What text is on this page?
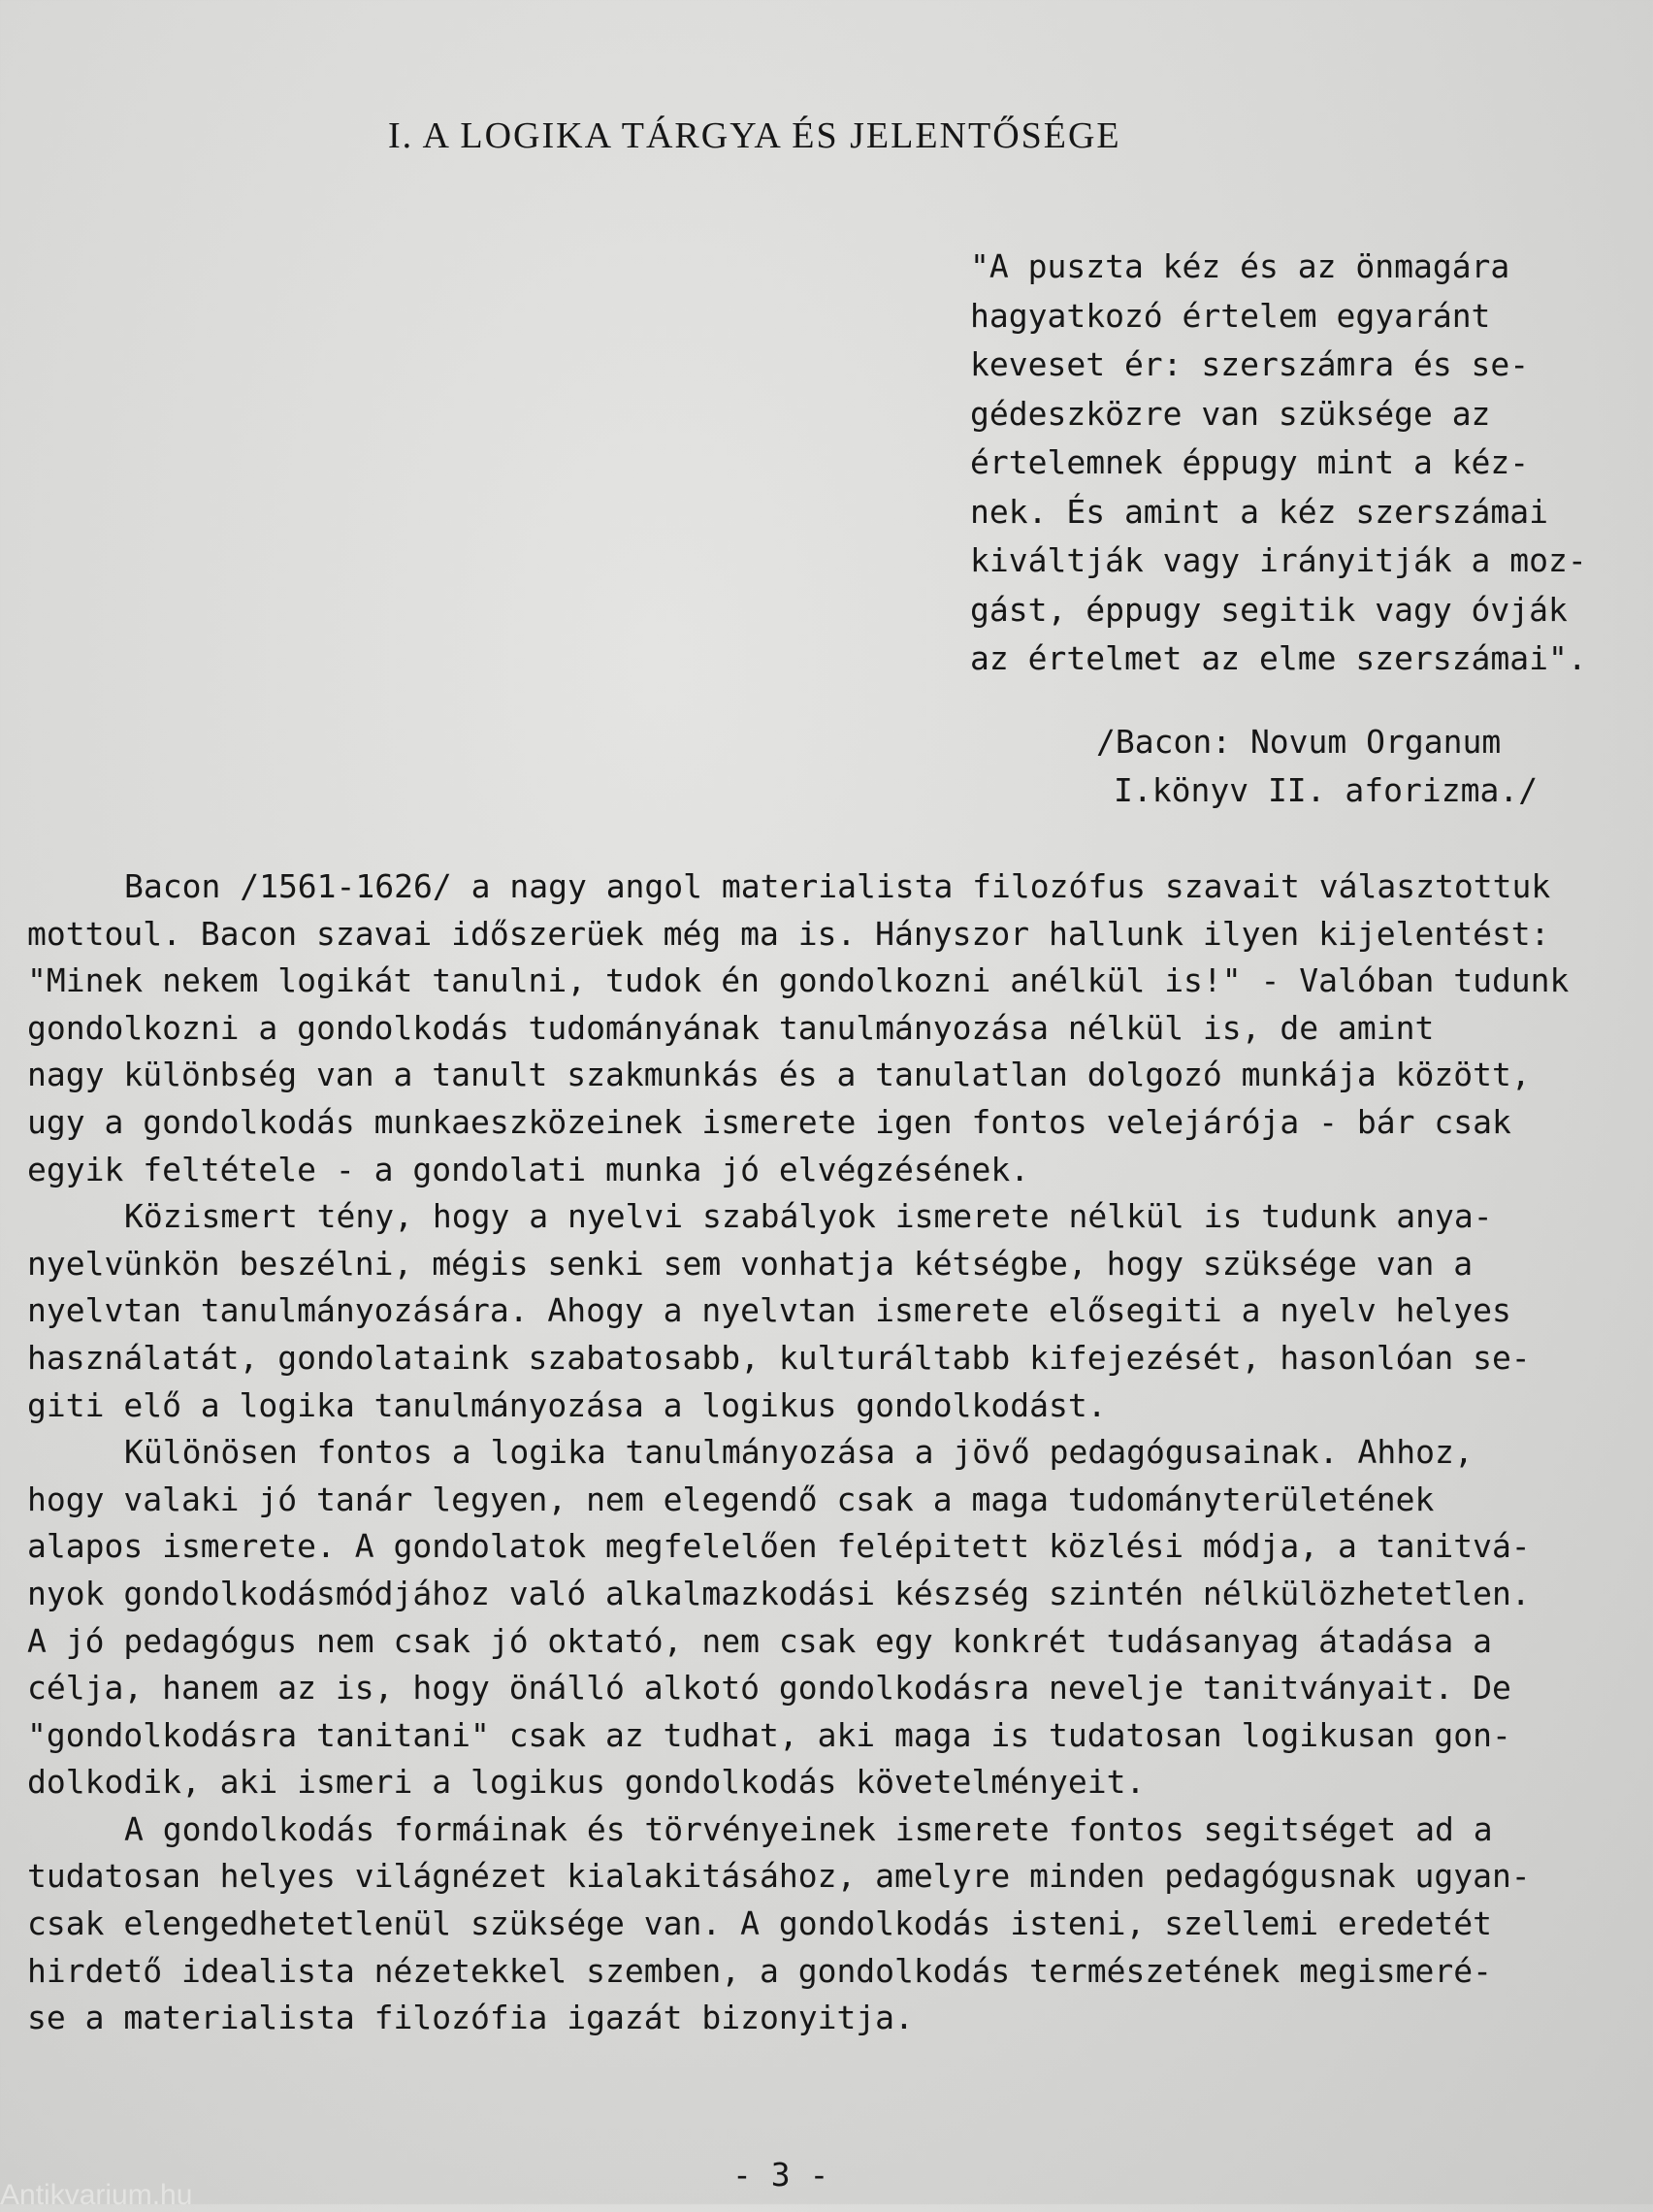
I. A LOGIKA TÁRGYA ÉS JELENTŐSÉGE
"A puszta kéz és az önmagára
hagyatkozó értelem egyaránt
keveset ér: szerszámra és se-
gédeszközre van szüksége az
értelemnek éppugy mint a kéz-
nek. És amint a kéz szerszámai
kiváltják vagy irányitják a moz-
gást, éppugy segitik vagy óvják
az értelmet az elme szerszámai".
/Bacon: Novum Organum
I.könyv II. aforizma./
Bacon /1561-1626/ a nagy angol materialista filozófus szavait választottuk
mottoul. Bacon szavai időszerüek még ma is. Hányszor hallunk ilyen kijelentést:
"Minek nekem logikát tanulni, tudok én gondolkozni anélkül is!" - Valóban tudunk
gondolkozni a gondolkodás tudományának tanulmányozása nélkül is, de amint
nagy különbség van a tanult szakmunkás és a tanulatlan dolgozó munkája között,
ugy a gondolkodás munkaeszközeinek ismerete igen fontos velejárója - bár csak
egyik feltétele - a gondolati munka jó elvégzésének.
Közismert tény, hogy a nyelvi szabályok ismerete nélkül is tudunk anya-
nyelvünkön beszélni, mégis senki sem vonhatja kétségbe, hogy szüksége van a
nyelvtan tanulmányozására. Ahogy a nyelvtan ismerete elősegiti a nyelv helyes
használatát, gondolataink szabatosabb, kulturáltabb kifejezését, hasonlóan se-
giti elő a logika tanulmányozása a logikus gondolkodást.
Különösen fontos a logika tanulmányozása a jövő pedagógusainak. Ahhoz,
hogy valaki jó tanár legyen, nem elegendő csak a maga tudományterületének
alapos ismerete. A gondolatok megfelelően felépitett közlési módja, a tanitvá-
nyok gondolkodásmódjához való alkalmazkodási készség szintén nélkülözhetetlen.
A jó pedagógus nem csak jó oktató, nem csak egy konkrét tudásanyag átadása a
célja, hanem az is, hogy önálló alkotó gondolkodásra nevelje tanitványait. De
"gondolkodásra tanitani" csak az tudhat, aki maga is tudatosan logikusan gon-
dolkodik, aki ismeri a logikus gondolkodás követelményeit.
A gondolkodás formáinak és törvényeinek ismerete fontos segitséget ad a
tudatosan helyes világnézet kialakitásához, amelyre minden pedagógusnak ugyan-
csak elengedhetetlenül szüksége van. A gondolkodás isteni, szellemi eredetét
hirdető idealista nézetekkel szemben, a gondolkodás természetének megismeré-
se a materialista filozófia igazát bizonyitja.
- 3 -
Antikvarium.hu
